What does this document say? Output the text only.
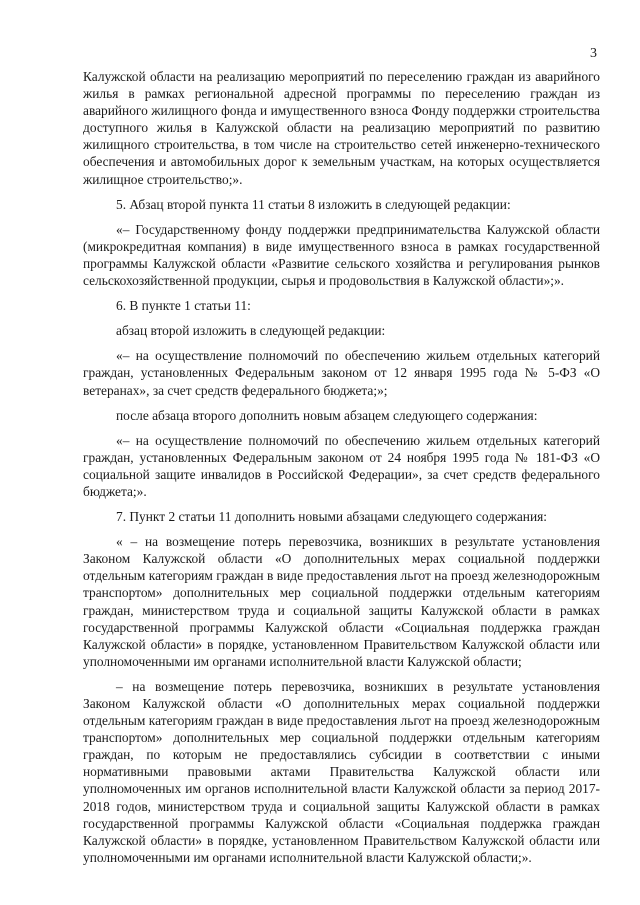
3

Калужской области на реализацию мероприятий по переселению граждан из аварийного жилья в рамках региональной адресной программы по переселению граждан из аварийного жилищного фонда и имущественного взноса Фонду поддержки строительства доступного жилья в Калужской области на реализацию мероприятий по развитию жилищного строительства, в том числе на строительство сетей инженерно-технического обеспечения и автомобильных дорог к земельным участкам, на которых осуществляется жилищное строительство;».

5. Абзац второй пункта 11 статьи 8 изложить в следующей редакции:

«– Государственному фонду поддержки предпринимательства Калужской области (микрокредитная компания) в виде имущественного взноса в рамках государственной программы Калужской области «Развитие сельского хозяйства и регулирования рынков сельскохозяйственной продукции, сырья и продовольствия в Калужской области»;».

6. В пункте 1 статьи 11:

абзац второй изложить в следующей редакции:

«– на осуществление полномочий по обеспечению жильем отдельных категорий граждан, установленных Федеральным законом от 12 января 1995 года № 5-ФЗ «О ветеранах», за счет средств федерального бюджета;»;

после абзаца второго дополнить новым абзацем следующего содержания:

«– на осуществление полномочий по обеспечению жильем отдельных категорий граждан, установленных Федеральным законом от 24 ноября 1995 года № 181-ФЗ «О социальной защите инвалидов в Российской Федерации», за счет средств федерального бюджета;».

7. Пункт 2 статьи 11 дополнить новыми абзацами следующего содержания:

« – на возмещение потерь перевозчика, возникших в результате установления Законом Калужской области «О дополнительных мерах социальной поддержки отдельным категориям граждан в виде предоставления льгот на проезд железнодорожным транспортом» дополнительных мер социальной поддержки отдельным категориям граждан, министерством труда и социальной защиты Калужской области в рамках государственной программы Калужской области «Социальная поддержка граждан Калужской области» в порядке, установленном Правительством Калужской области или уполномоченными им органами исполнительной власти Калужской области;

– на возмещение потерь перевозчика, возникших в результате установления Законом Калужской области «О дополнительных мерах социальной поддержки отдельным категориям граждан в виде предоставления льгот на проезд железнодорожным транспортом» дополнительных мер социальной поддержки отдельным категориям граждан, по которым не предоставлялись субсидии в соответствии с иными нормативными правовыми актами Правительства Калужской области или уполномоченных им органов исполнительной власти Калужской области за период 2017-2018 годов, министерством труда и социальной защиты Калужской области в рамках государственной программы Калужской области «Социальная поддержка граждан Калужской области» в порядке, установленном Правительством Калужской области или уполномоченными им органами исполнительной власти Калужской области;».
